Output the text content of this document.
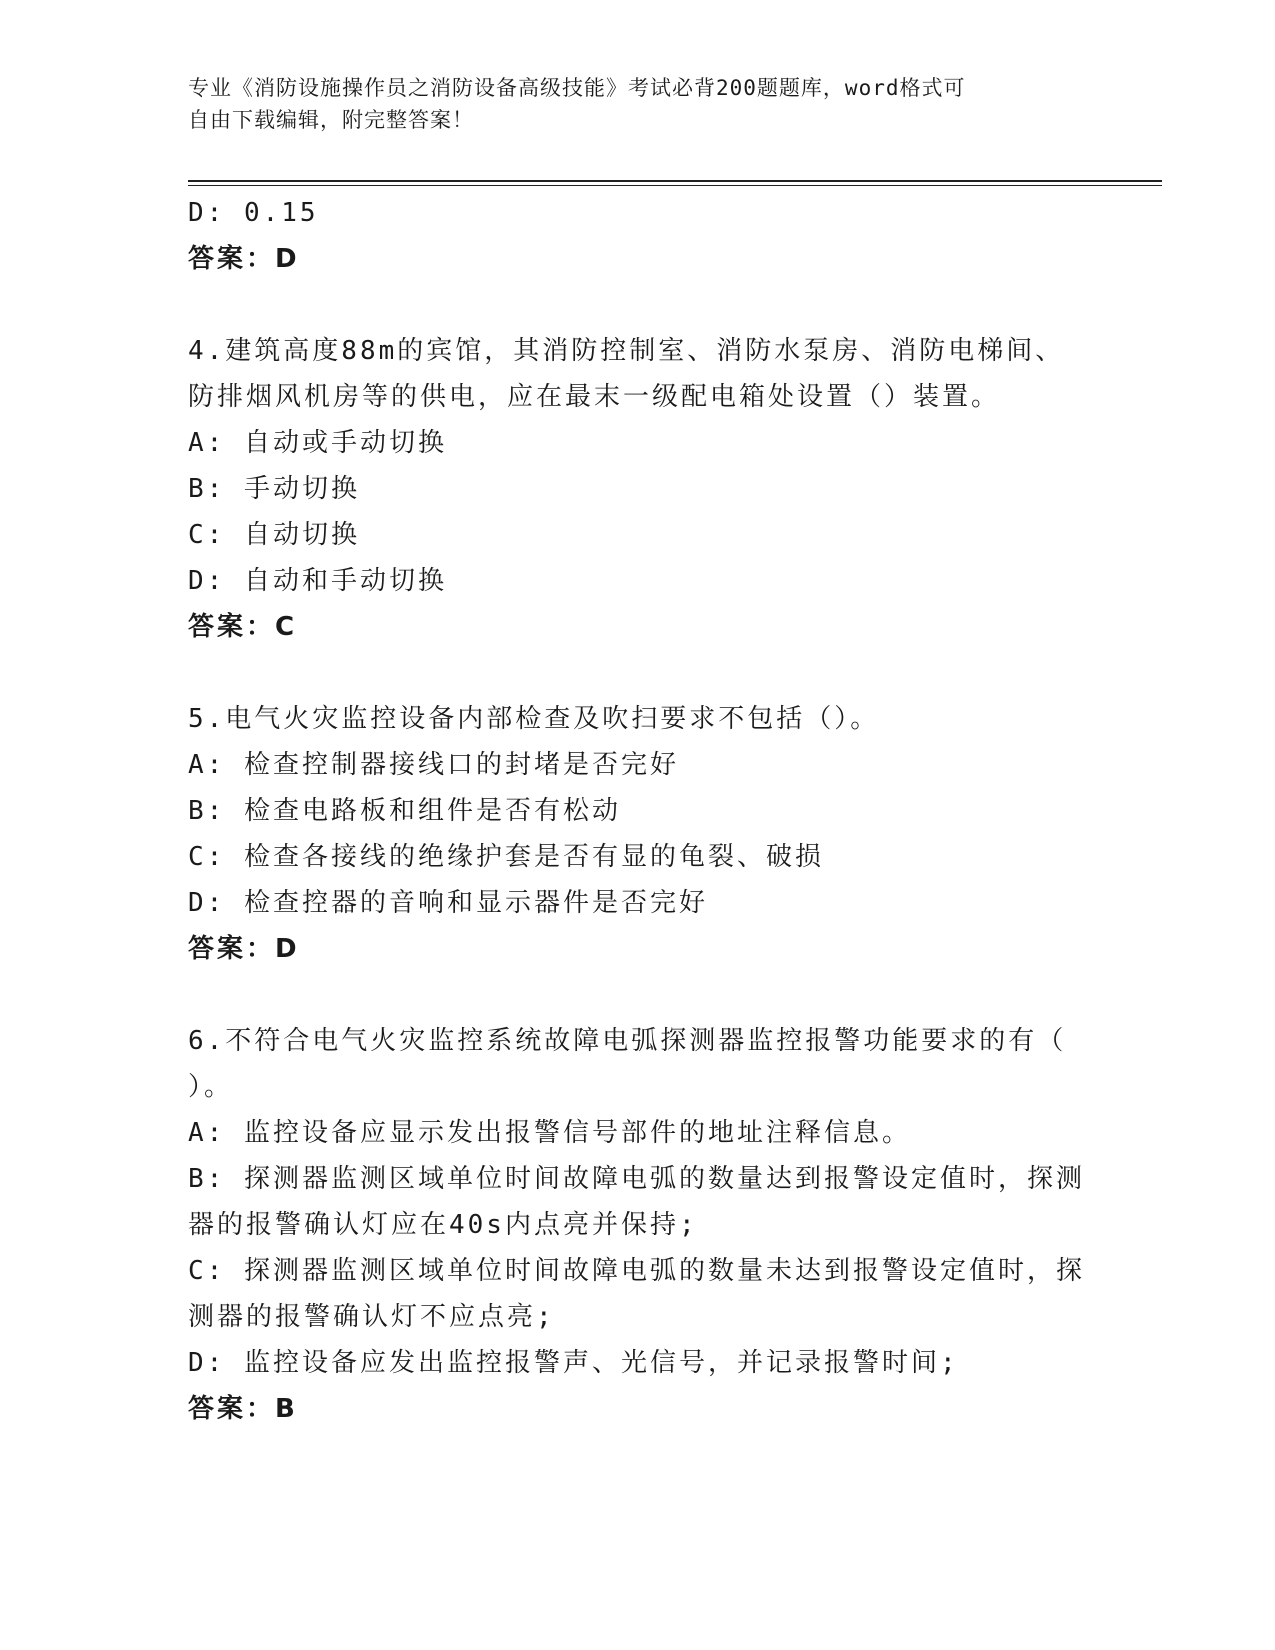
专业《消防设施操作员之消防设备高级技能》考试必背200题题库，word格式可
自由下载编辑，附完整答案！
D: 0.15
答案：D
4.建筑高度88m的宾馆，其消防控制室、消防水泵房、消防电梯间、
防排烟风机房等的供电，应在最末一级配电箱处设置（）装置。
A: 自动或手动切换
B: 手动切换
C: 自动切换
D: 自动和手动切换
答案：C
5.电气火灾监控设备内部检查及吹扫要求不包括（）。
A: 检查控制器接线口的封堵是否完好
B: 检查电路板和组件是否有松动
C: 检查各接线的绝缘护套是否有显的龟裂、破损
D: 检查控器的音响和显示器件是否完好
答案：D
6.不符合电气火灾监控系统故障电弧探测器监控报警功能要求的有（
）。
A: 监控设备应显示发出报警信号部件的地址注释信息。
B: 探测器监测区域单位时间故障电弧的数量达到报警设定值时，探测
器的报警确认灯应在40s内点亮并保持;
C: 探测器监测区域单位时间故障电弧的数量未达到报警设定值时，探
测器的报警确认灯不应点亮;
D: 监控设备应发出监控报警声、光信号，并记录报警时间;
答案：B
